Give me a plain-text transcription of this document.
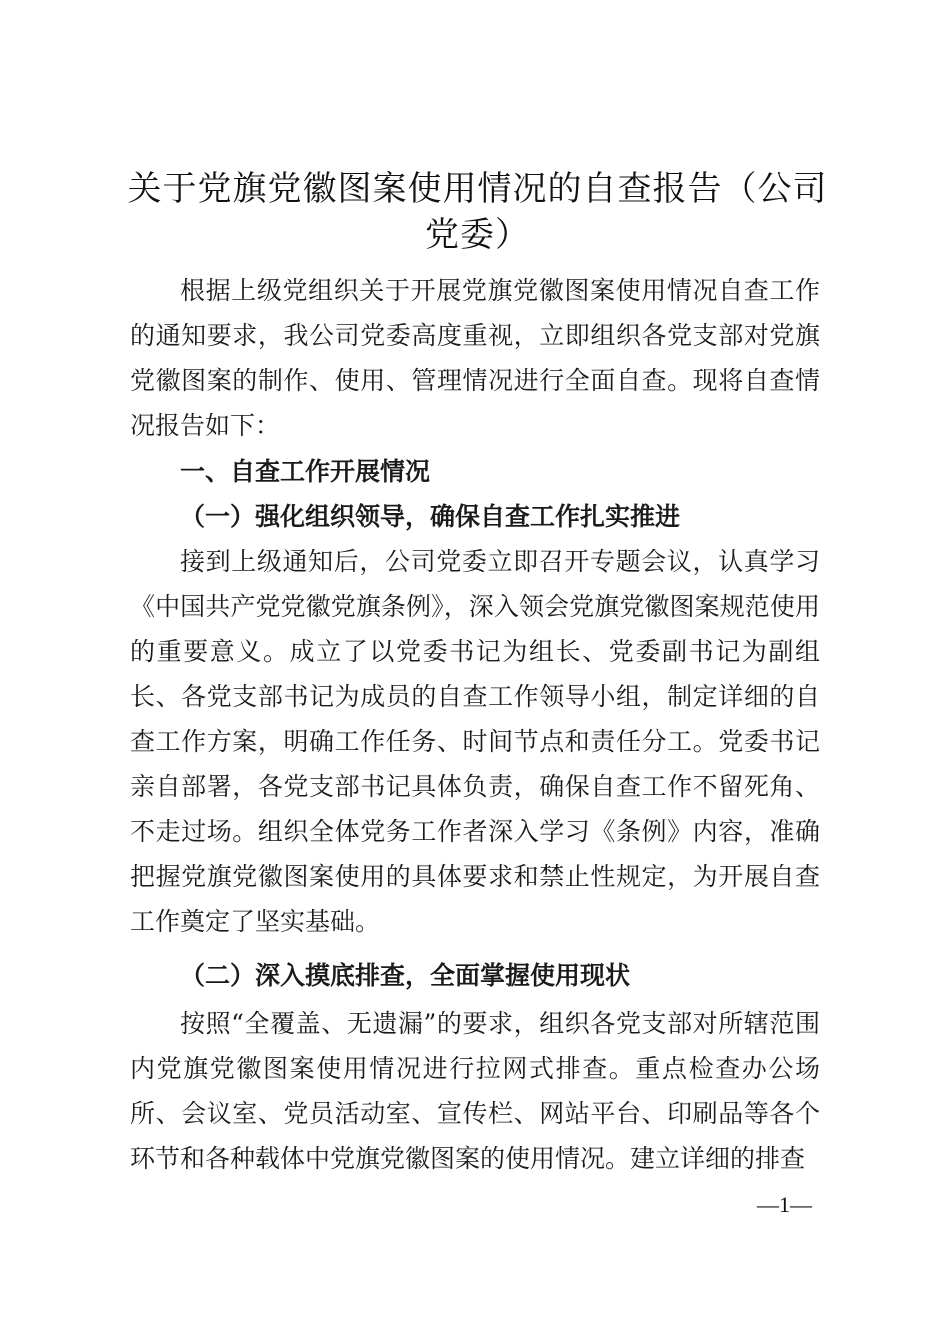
关于党旗党徽图案使用情况的自查报告（公司党委）

根据上级党组织关于开展党旗党徽图案使用情况自查工作的通知要求，我公司党委高度重视，立即组织各党支部对党旗党徽图案的制作、使用、管理情况进行全面自查。现将自查情况报告如下：

一、自查工作开展情况

（一）强化组织领导，确保自查工作扎实推进

接到上级通知后，公司党委立即召开专题会议，认真学习《中国共产党党徽党旗条例》，深入领会党旗党徽图案规范使用的重要意义。成立了以党委书记为组长、党委副书记为副组长、各党支部书记为成员的自查工作领导小组，制定详细的自查工作方案，明确工作任务、时间节点和责任分工。党委书记亲自部署，各党支部书记具体负责，确保自查工作不留死角、不走过场。组织全体党务工作者深入学习《条例》内容，准确把握党旗党徽图案使用的具体要求和禁止性规定，为开展自查工作奠定了坚实基础。

（二）深入摸底排查，全面掌握使用现状

按照“全覆盖、无遗漏”的要求，组织各党支部对所辖范围内党旗党徽图案使用情况进行拉网式排查。重点检查办公场所、会议室、党员活动室、宣传栏、网站平台、印刷品等各个环节和各种载体中党旗党徽图案的使用情况。建立详细的排查

—1—
